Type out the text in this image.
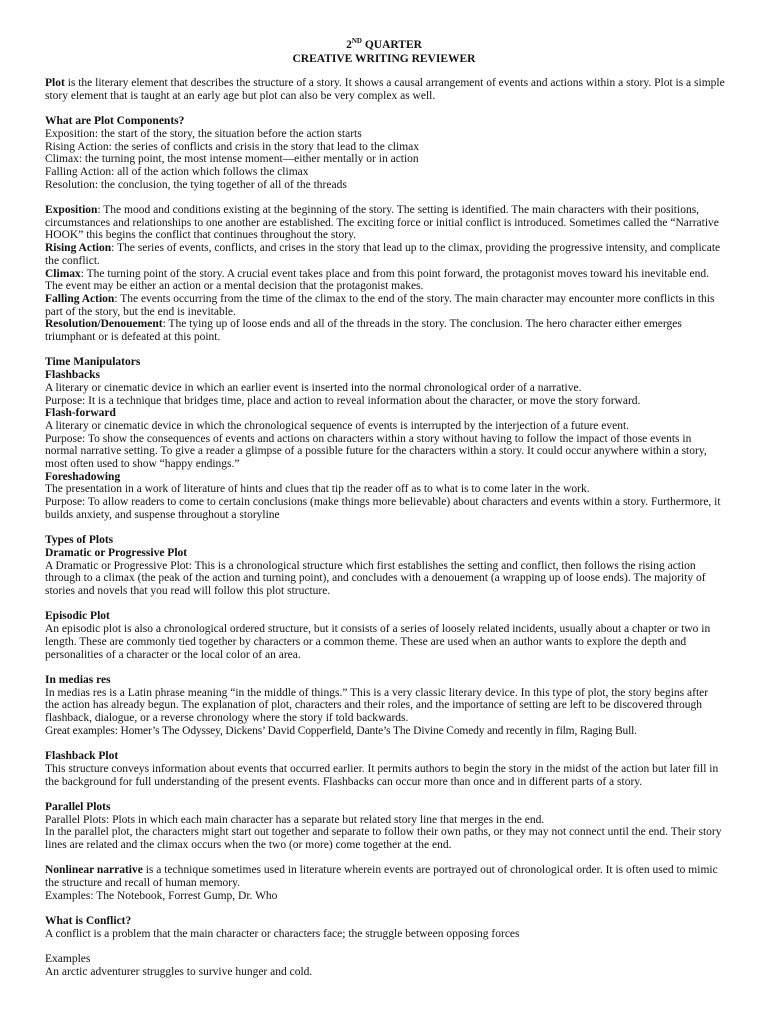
2ND QUARTER
CREATIVE WRITING REVIEWER

Plot is the literary element that describes the structure of a story. It shows a causal arrangement of events and actions within a story. Plot is a simple story element that is taught at an early age but plot can also be very complex as well.

What are Plot Components?

Exposition: the start of the story, the situation before the action starts

Rising Action: the series of conflicts and crisis in the story that lead to the climax

Climax: the turning point, the most intense moment—either mentally or in action

Falling Action: all of the action which follows the climax

Resolution: the conclusion, the tying together of all of the threads

Exposition: The mood and conditions existing at the beginning of the story. The setting is identified. The main characters with their positions, circumstances and relationships to one another are established. The exciting force or initial conflict is introduced. Sometimes called the “Narrative HOOK” this begins the conflict that continues throughout the story.

Rising Action: The series of events, conflicts, and crises in the story that lead up to the climax, providing the progressive intensity, and complicate the conflict.

Climax: The turning point of the story. A crucial event takes place and from this point forward, the protagonist moves toward his inevitable end. The event may be either an action or a mental decision that the protagonist makes.

Falling Action: The events occurring from the time of the climax to the end of the story. The main character may encounter more conflicts in this part of the story, but the end is inevitable.

Resolution/Denouement: The tying up of loose ends and all of the threads in the story. The conclusion. The hero character either emerges triumphant or is defeated at this point.

Time Manipulators

Flashbacks

A literary or cinematic device in which an earlier event is inserted into the normal chronological order of a narrative.

Purpose: It is a technique that bridges time, place and action to reveal information about the character, or move the story forward.

Flash-forward

A literary or cinematic device in which the chronological sequence of events is interrupted by the interjection of a future event.

Purpose: To show the consequences of events and actions on characters within a story without having to follow the impact of those events in normal narrative setting. To give a reader a glimpse of a possible future for the characters within a story. It could occur anywhere within a story, most often used to show “happy endings.”

Foreshadowing

The presentation in a work of literature of hints and clues that tip the reader off as to what is to come later in the work.

Purpose: To allow readers to come to certain conclusions (make things more believable) about characters and events within a story. Furthermore, it builds anxiety, and suspense throughout a storyline

Types of Plots

Dramatic or Progressive Plot

A Dramatic or Progressive Plot: This is a chronological structure which first establishes the setting and conflict, then follows the rising action through to a climax (the peak of the action and turning point), and concludes with a denouement (a wrapping up of loose ends). The majority of stories and novels that you read will follow this plot structure.

Episodic Plot

An episodic plot is also a chronological ordered structure, but it consists of a series of loosely related incidents, usually about a chapter or two in length. These are commonly tied together by characters or a common theme. These are used when an author wants to explore the depth and personalities of a character or the local color of an area.

In medias res

In medias res is a Latin phrase meaning “in the middle of things.” This is a very classic literary device. In this type of plot, the story begins after the action has already begun. The explanation of plot, characters and their roles, and the importance of setting are left to be discovered through flashback, dialogue, or a reverse chronology where the story if told backwards.

Great examples: Homer’s The Odyssey, Dickens’ David Copperfield, Dante’s The Divine Comedy and recently in film, Raging Bull.

Flashback Plot

This structure conveys information about events that occurred earlier. It permits authors to begin the story in the midst of the action but later fill in the background for full understanding of the present events. Flashbacks can occur more than once and in different parts of a story.

Parallel Plots

Parallel Plots: Plots in which each main character has a separate but related story line that merges in the end.

In the parallel plot, the characters might start out together and separate to follow their own paths, or they may not connect until the end. Their story lines are related and the climax occurs when the two (or more) come together at the end.

Nonlinear narrative is a technique sometimes used in literature wherein events are portrayed out of chronological order. It is often used to mimic the structure and recall of human memory.

Examples: The Notebook, Forrest Gump, Dr. Who

What is Conflict?

A conflict is a problem that the main character or characters face; the struggle between opposing forces

Examples

An arctic adventurer struggles to survive hunger and cold.
